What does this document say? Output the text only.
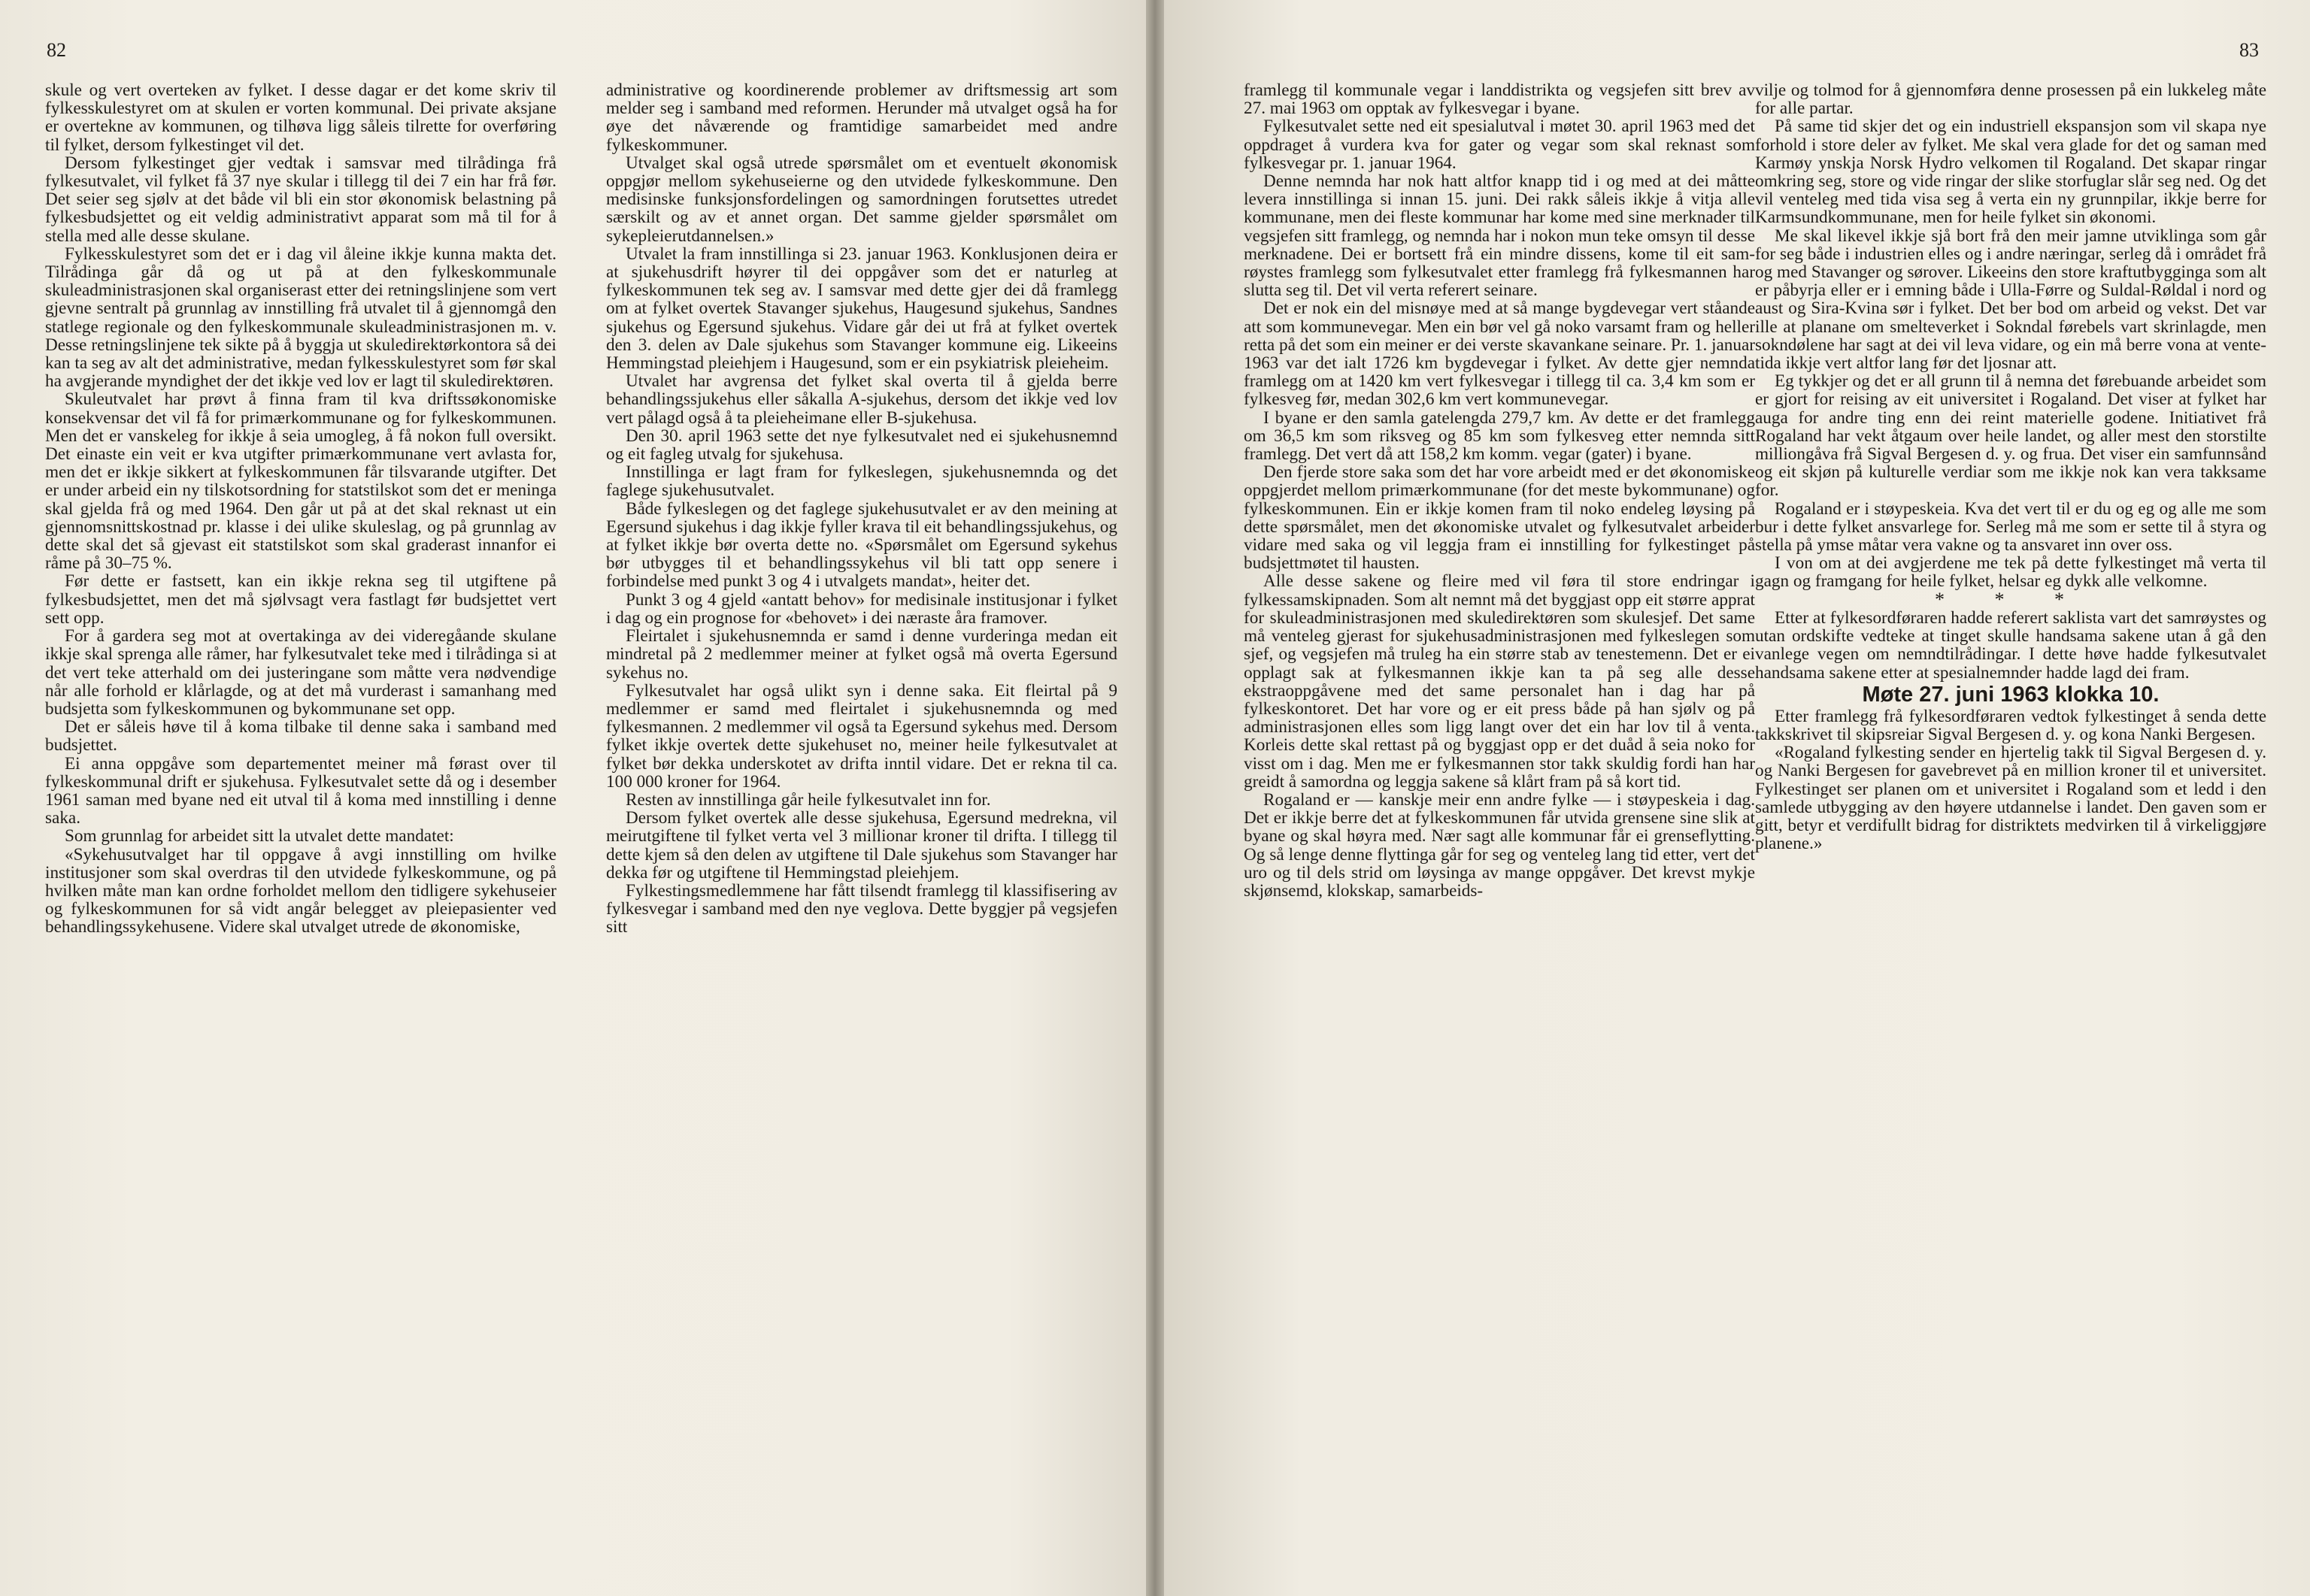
82

skule og vert overteken av fylket. I desse dagar er det kome skriv til fylkesskulestyret om at skulen er vorten kommunal. Dei private aksjane er overtekne av kommunen, og tilhøva ligg såleis tilrette for overføring til fylket, dersom fylkestinget vil det.

Dersom fylkestinget gjer vedtak i samsvar med tilrådinga frå fylkesutvalet, vil fylket få 37 nye skular i tillegg til dei 7 ein har frå før. Det seier seg sjølv at det både vil bli ein stor økonomisk belastning på fylkesbudsjettet og eit veldig administrativt apparat som må til for å stella med alle desse skulane.

Fylkesskulestyret som det er i dag vil åleine ikkje kunna makta det. Tilrådinga går då og ut på at den fylkeskommunale skuleadministrasjonen skal organiserast etter dei retningslinjene som vert gjevne sentralt på grunnlag av innstilling frå utvalet til å gjennomgå den statlege regionale og den fylkeskommunale skuleadministrasjonen m. v. Desse retningslinjene tek sikte på å byggja ut skuledirektørkontora så dei kan ta seg av alt det administrative, medan fylkesskulestyret som før skal ha avgjerande myndighet der det ikkje ved lov er lagt til skuledirektøren.

Skuleutvalet har prøvt å finna fram til kva driftssøkonomiske konsekvensar det vil få for primærkommunane og for fylkeskommunen. Men det er vanskeleg for ikkje å seia umogleg, å få nokon full oversikt. Det einaste ein veit er kva utgifter primærkommunane vert avlasta for, men det er ikkje sikkert at fylkeskommunen får tilsvarande utgifter. Det er under arbeid ein ny tilskotsordning for statstilskot som det er meninga skal gjelda frå og med 1964. Den går ut på at det skal reknast ut ein gjennomsnittskostnad pr. klasse i dei ulike skuleslag, og på grunnlag av dette skal det så gjevast eit statstilskot som skal graderast innanfor ei råme på 30–75 %.

Før dette er fastsett, kan ein ikkje rekna seg til utgiftene på fylkesbudsjettet, men det må sjølvsagt vera fastlagt før budsjettet vert sett opp.

For å gardera seg mot at overtakinga av dei videregåande skulane ikkje skal sprenga alle råmer, har fylkesutvalet teke med i tilrådinga si at det vert teke atterhald om dei justeringane som måtte vera nødvendige når alle forhold er klårlagde, og at det må vurderast i samanhang med budsjetta som fylkeskommunen og bykommunane set opp.

Det er såleis høve til å koma tilbake til denne saka i samband med budsjettet.

Ei anna oppgåve som departementet meiner må førast over til fylkeskommunal drift er sjukehusa. Fylkesutvalet sette då og i desember 1961 saman med byane ned eit utval til å koma med innstilling i denne saka.

Som grunnlag for arbeidet sitt la utvalet dette mandatet:

«Sykehusutvalget har til oppgave å avgi innstilling om hvilke institusjoner som skal overdras til den utvidede fylkeskommune, og på hvilken måte man kan ordne forholdet mellom den tidligere sykehuseier og fylkeskommunen for så vidt angår belegget av pleiepasienter ved behandlingssykehusene. Videre skal utvalget utrede de økonomiske,

administrative og koordinerende problemer av driftsmessig art som melder seg i samband med reformen. Herunder må utvalget også ha for øye det nåværende og framtidige samarbeidet med andre fylkeskommuner.

Utvalget skal også utrede spørsmålet om et eventuelt økonomisk oppgjør mellom sykehuseierne og den utvidede fylkeskommune. Den medisinske funksjonsfordelingen og samordningen forutsettes utredet særskilt og av et annet organ. Det samme gjelder spørsmålet om sykepleierutdannelsen.»

Utvalet la fram innstillinga si 23. januar 1963. Konklusjonen deira er at sjukehusdrift høyrer til dei oppgåver som det er naturleg at fylkeskommunen tek seg av. I samsvar med dette gjer dei då framlegg om at fylket overtek Stavanger sjukehus, Haugesund sjukehus, Sandnes sjukehus og Egersund sjukehus. Vidare går dei ut frå at fylket overtek den 3. delen av Dale sjukehus som Stavanger kommune eig. Likeeins Hemmingstad pleiehjem i Haugesund, som er ein psykiatrisk pleieheim.

Utvalet har avgrensa det fylket skal overta til å gjelda berre behandlingssjukehus eller såkalla A-sjukehus, dersom det ikkje ved lov vert pålagd også å ta pleieheimane eller B-sjukehusa.

Den 30. april 1963 sette det nye fylkesutvalet ned ei sjukehusnemnd og eit fagleg utvalg for sjukehusa.

Innstillinga er lagt fram for fylkeslegen, sjukehusnemnda og det faglege sjukehusutvalet.

Både fylkeslegen og det faglege sjukehusutvalet er av den meining at Egersund sjukehus i dag ikkje fyller krava til eit behandlingssjukehus, og at fylket ikkje bør overta dette no. «Spørsmålet om Egersund sykehus bør utbygges til et behandlingssykehus vil bli tatt opp senere i forbindelse med punkt 3 og 4 i utvalgets mandat», heiter det.

Punkt 3 og 4 gjeld «antatt behov» for medisinale institusjonar i fylket i dag og ein prognose for «behovet» i dei næraste åra framover.

Fleirtalet i sjukehusnemnda er samd i denne vurderinga medan eit mindretal på 2 medlemmer meiner at fylket også må overta Egersund sykehus no.

Fylkesutvalet har også ulikt syn i denne saka. Eit fleirtal på 9 medlemmer er samd med fleirtalet i sjukehusnemnda og med fylkesmannen. 2 medlemmer vil også ta Egersund sykehus med. Dersom fylket ikkje overtek dette sjukehuset no, meiner heile fylkesutvalet at fylket bør dekka underskotet av drifta inntil vidare. Det er rekna til ca. 100 000 kroner for 1964.

Resten av innstillinga går heile fylkesutvalet inn for.

Dersom fylket overtek alle desse sjukehusa, Egersund medrekna, vil meirutgiftene til fylket verta vel 3 millionar kroner til drifta. I tillegg til dette kjem så den delen av utgiftene til Dale sjukehus som Stavanger har dekka før og utgiftene til Hemmingstad pleiehjem.

Fylkestingsmedlemmene har fått tilsendt framlegg til klassifisering av fylkesvegar i samband med den nye veglova. Dette byggjer på vegsjefen sitt

83

framlegg til kommunale vegar i landdistrikta og vegsjefen sitt brev av 27. mai 1963 om opptak av fylkesvegar i byane.

Fylkesutvalet sette ned eit spesialutval i møtet 30. april 1963 med det oppdraget å vurdera kva for gater og vegar som skal reknast som fylkesvegar pr. 1. januar 1964.

Denne nemnda har nok hatt altfor knapp tid i og med at dei måtte levera innstillinga si innan 15. juni. Dei rakk såleis ikkje å vitja alle kommunane, men dei fleste kommunar har kome med sine merknader til vegsjefen sitt framlegg, og nemnda har i nokon mun teke omsyn til desse merknadene. Dei er bortsett frå ein mindre dissens, kome til eit samrøystes framlegg som fylkesutvalet etter framlegg frå fylkesmannen har slutta seg til. Det vil verta referert seinare.

Det er nok ein del misnøye med at så mange bygdevegar vert ståande att som kommunevegar. Men ein bør vel gå noko varsamt fram og heller retta på det som ein meiner er dei verste skavankane seinare. Pr. 1. januar 1963 var det ialt 1726 km bygdevegar i fylket. Av dette gjer nemnda framlegg om at 1420 km vert fylkesvegar i tillegg til ca. 3,4 km som er fylkesveg før, medan 302,6 km vert kommunevegar.

I byane er den samla gatelengda 279,7 km. Av dette er det framlegg om 36,5 km som riksveg og 85 km som fylkesveg etter nemnda sitt framlegg. Det vert då att 158,2 km komm. vegar (gater) i byane.

Den fjerde store saka som det har vore arbeidt med er det økonomiske oppgjerdet mellom primærkommunane (for det meste bykommunane) og fylkeskommunen. Ein er ikkje komen fram til noko endeleg løysing på dette spørsmålet, men det økonomiske utvalet og fylkesutvalet arbeider vidare med saka og vil leggja fram ei innstilling for fylkestinget på budsjettmøtet til hausten.

Alle desse sakene og fleire med vil føra til store endringar i fylkessamskipnaden. Som alt nemnt må det byggjast opp eit større apprat for skuleadministrasjonen med skuledirektøren som skulesjef. Det same må venteleg gjerast for sjukehusadministrasjonen med fylkeslegen som sjef, og vegsjefen må truleg ha ein større stab av tenestemenn. Det er ei opplagt sak at fylkesmannen ikkje kan ta på seg alle desse ekstraoppgåvene med det same personalet han i dag har på fylkeskontoret. Det har vore og er eit press både på han sjølv og på administrasjonen elles som ligg langt over det ein har lov til å venta. Korleis dette skal rettast på og byggjast opp er det duåd å seia noko for visst om i dag. Men me er fylkesmannen stor takk skuldig fordi han har greidt å samordna og leggja sakene så klårt fram på så kort tid.

Rogaland er — kanskje meir enn andre fylke — i støypeskeia i dag. Det er ikkje berre det at fylkeskommunen får utvida grensene sine slik at byane og skal høyra med. Nær sagt alle kommunar får ei grenseflytting. Og så lenge denne flyttinga går for seg og venteleg lang tid etter, vert det uro og til dels strid om løysinga av mange oppgåver. Det krevst mykje skjønsemd, klokskap, samarbeids-

vilje og tolmod for å gjennomføra denne prosessen på ein lukkeleg måte for alle partar.

På same tid skjer det og ein industriell ekspansjon som vil skapa nye forhold i store deler av fylket. Me skal vera glade for det og saman med Karmøy ynskja Norsk Hydro velkomen til Rogaland. Det skapar ringar omkring seg, store og vide ringar der slike storfuglar slår seg ned. Og det vil venteleg med tida visa seg å verta ein ny grunnpilar, ikkje berre for Karmsundkommunane, men for heile fylket sin økonomi.

Me skal likevel ikkje sjå bort frå den meir jamne utviklinga som går for seg både i industrien elles og i andre næringar, serleg då i området frå og med Stavanger og sørover. Likeeins den store kraftutbygginga som alt er påbyrja eller er i emning både i Ulla-Førre og Suldal-Røldal i nord og aust og Sira-Kvina sør i fylket. Det ber bod om arbeid og vekst. Det var ille at planane om smelteverket i Sokndal førebels vart skrinlagde, men sokndølene har sagt at dei vil leva vidare, og ein må berre vona at ventetida ikkje vert altfor lang før det ljosnar att.

Eg tykkjer og det er all grunn til å nemna det førebuande arbeidet som er gjort for reising av eit universitet i Rogaland. Det viser at fylket har auga for andre ting enn dei reint materielle godene. Initiativet frå Rogaland har vekt åtgaum over heile landet, og aller mest den storstilte milliongåva frå Sigval Bergesen d. y. og frua. Det viser ein samfunnsånd og eit skjøn på kulturelle verdiar som me ikkje nok kan vera takksame for.

Rogaland er i støypeskeia. Kva det vert til er du og eg og alle me som bur i dette fylket ansvarlege for. Serleg må me som er sette til å styra og stella på ymse måtar vera vakne og ta ansvaret inn over oss.

I von om at dei avgjerdene me tek på dette fylkestinget må verta til gagn og framgang for heile fylket, helsar eg dykk alle velkomne.

* * *

Etter at fylkesordføraren hadde referert saklista vart det samrøystes og utan ordskifte vedteke at tinget skulle handsama sakene utan å gå den vanlege vegen om nemndtilrådingar. I dette høve hadde fylkesutvalet handsama sakene etter at spesialnemnder hadde lagd dei fram.

Møte 27. juni 1963 klokka 10.

Etter framlegg frå fylkesordføraren vedtok fylkestinget å senda dette takkskrivet til skipsreiar Sigval Bergesen d. y. og kona Nanki Bergesen.

«Rogaland fylkesting sender en hjertelig takk til Sigval Bergesen d. y. og Nanki Bergesen for gavebrevet på en million kroner til et universitet. Fylkestinget ser planen om et universitet i Rogaland som et ledd i den samlede utbygging av den høyere utdannelse i landet. Den gaven som er gitt, betyr et verdifullt bidrag for distriktets medvirken til å virkeliggjøre planene.»
